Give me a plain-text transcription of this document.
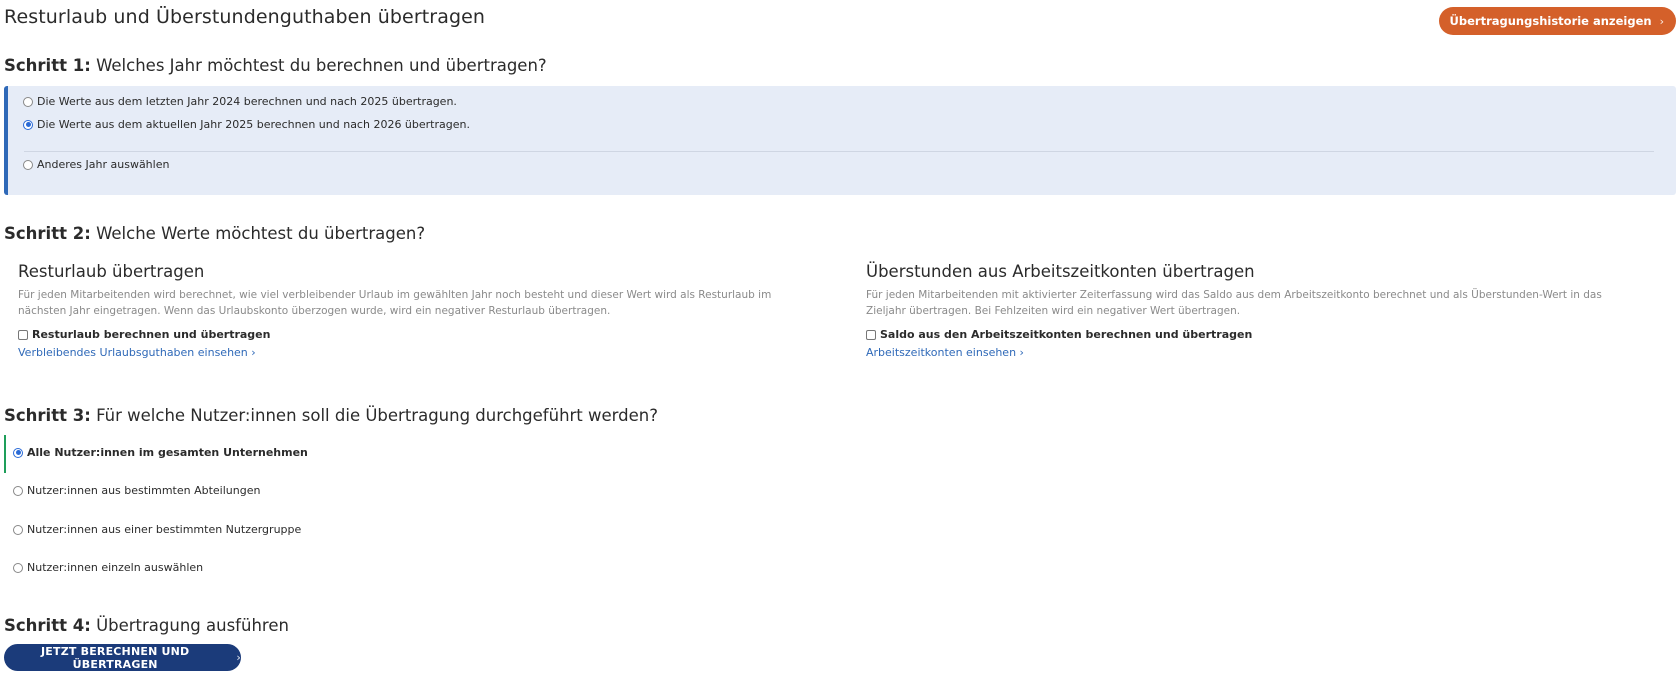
Resturlaub und Überstundenguthaben übertragen	Übertragungshistorie anzeigen ›
Schritt 1: Welches Jahr möchtest du berechnen und übertragen?
Die Werte aus dem letzten Jahr 2024 berechnen und nach 2025 übertragen.
Die Werte aus dem aktuellen Jahr 2025 berechnen und nach 2026 übertragen.
Anderes Jahr auswählen
Schritt 2: Welche Werte möchtest du übertragen?
Resturlaub übertragen
Für jeden Mitarbeitenden wird berechnet, wie viel verbleibender Urlaub im gewählten Jahr noch besteht und dieser Wert wird als Resturlaub im nächsten Jahr eingetragen. Wenn das Urlaubskonto überzogen wurde, wird ein negativer Resturlaub übertragen.
Resturlaub berechnen und übertragen
Verbleibendes Urlaubsguthaben einsehen ›
Überstunden aus Arbeitszeitkonten übertragen
Für jeden Mitarbeitenden mit aktivierter Zeiterfassung wird das Saldo aus dem Arbeitszeitkonto berechnet und als Überstunden-Wert in das Zieljahr übertragen. Bei Fehlzeiten wird ein negativer Wert übertragen.
Saldo aus den Arbeitszeitkonten berechnen und übertragen
Arbeitszeitkonten einsehen ›
Schritt 3: Für welche Nutzer:innen soll die Übertragung durchgeführt werden?
Alle Nutzer:innen im gesamten Unternehmen
Nutzer:innen aus bestimmten Abteilungen
Nutzer:innen aus einer bestimmten Nutzergruppe
Nutzer:innen einzeln auswählen
Schritt 4: Übertragung ausführen
JETZT BERECHNEN UND ÜBERTRAGEN	›
